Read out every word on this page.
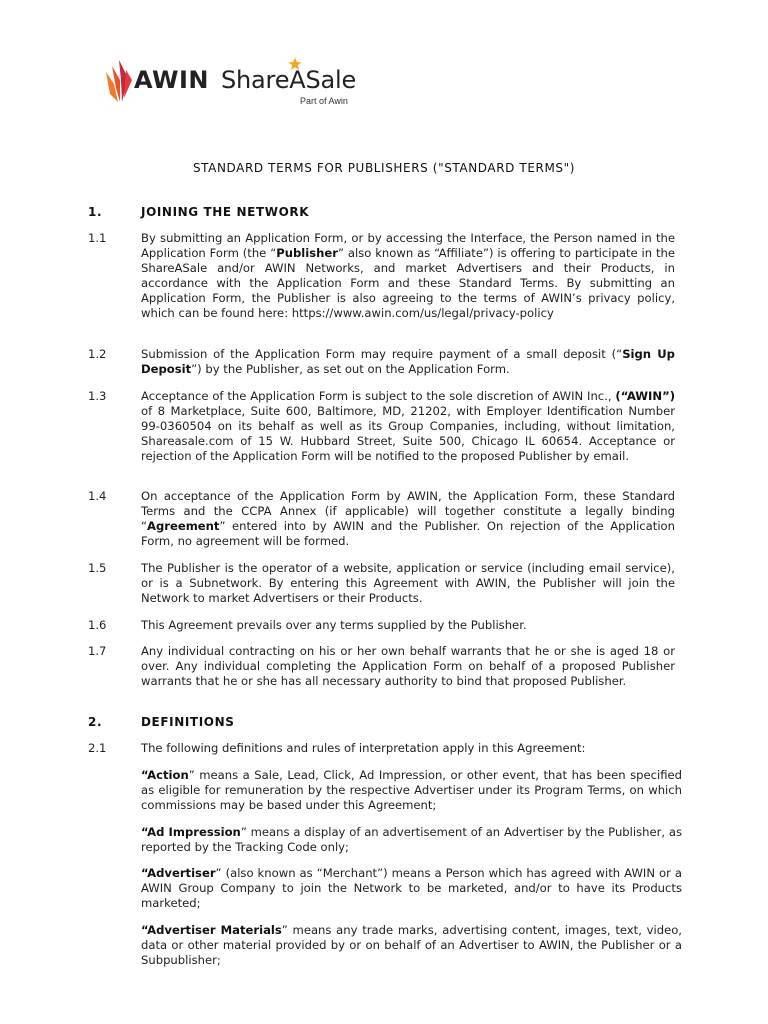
AWIN ShareASale
Part of Awin
STANDARD TERMS FOR PUBLISHERS ("STANDARD TERMS")
1.	JOINING THE NETWORK
1.1	By submitting an Application Form, or by accessing the Interface, the Person named in the Application Form (the “Publisher” also known as “Affiliate”) is offering to participate in the ShareASale and/or AWIN Networks, and market Advertisers and their Products, in accordance with the Application Form and these Standard Terms. By submitting an Application Form, the Publisher is also agreeing to the terms of AWIN’s privacy policy, which can be found here: https://www.awin.com/us/legal/privacy-policy
1.2	Submission of the Application Form may require payment of a small deposit (“Sign Up Deposit”) by the Publisher, as set out on the Application Form.
1.3	Acceptance of the Application Form is subject to the sole discretion of AWIN Inc., (“AWIN”) of 8 Marketplace, Suite 600, Baltimore, MD, 21202, with Employer Identification Number 99-0360504 on its behalf as well as its Group Companies, including, without limitation, Shareasale.com of 15 W. Hubbard Street, Suite 500, Chicago IL 60654. Acceptance or rejection of the Application Form will be notified to the proposed Publisher by email.
1.4	On acceptance of the Application Form by AWIN, the Application Form, these Standard Terms and the CCPA Annex (if applicable) will together constitute a legally binding “Agreement” entered into by AWIN and the Publisher. On rejection of the Application Form, no agreement will be formed.
1.5	The Publisher is the operator of a website, application or service (including email service), or is a Subnetwork. By entering this Agreement with AWIN, the Publisher will join the Network to market Advertisers or their Products.
1.6	This Agreement prevails over any terms supplied by the Publisher.
1.7	Any individual contracting on his or her own behalf warrants that he or she is aged 18 or over. Any individual completing the Application Form on behalf of a proposed Publisher warrants that he or she has all necessary authority to bind that proposed Publisher.
2.	DEFINITIONS
2.1	The following definitions and rules of interpretation apply in this Agreement:
“Action” means a Sale, Lead, Click, Ad Impression, or other event, that has been specified as eligible for remuneration by the respective Advertiser under its Program Terms, on which commissions may be based under this Agreement;
“Ad Impression” means a display of an advertisement of an Advertiser by the Publisher, as reported by the Tracking Code only;
“Advertiser” (also known as “Merchant”) means a Person which has agreed with AWIN or a AWIN Group Company to join the Network to be marketed, and/or to have its Products marketed;
“Advertiser Materials” means any trade marks, advertising content, images, text, video, data or other material provided by or on behalf of an Advertiser to AWIN, the Publisher or a Subpublisher;
